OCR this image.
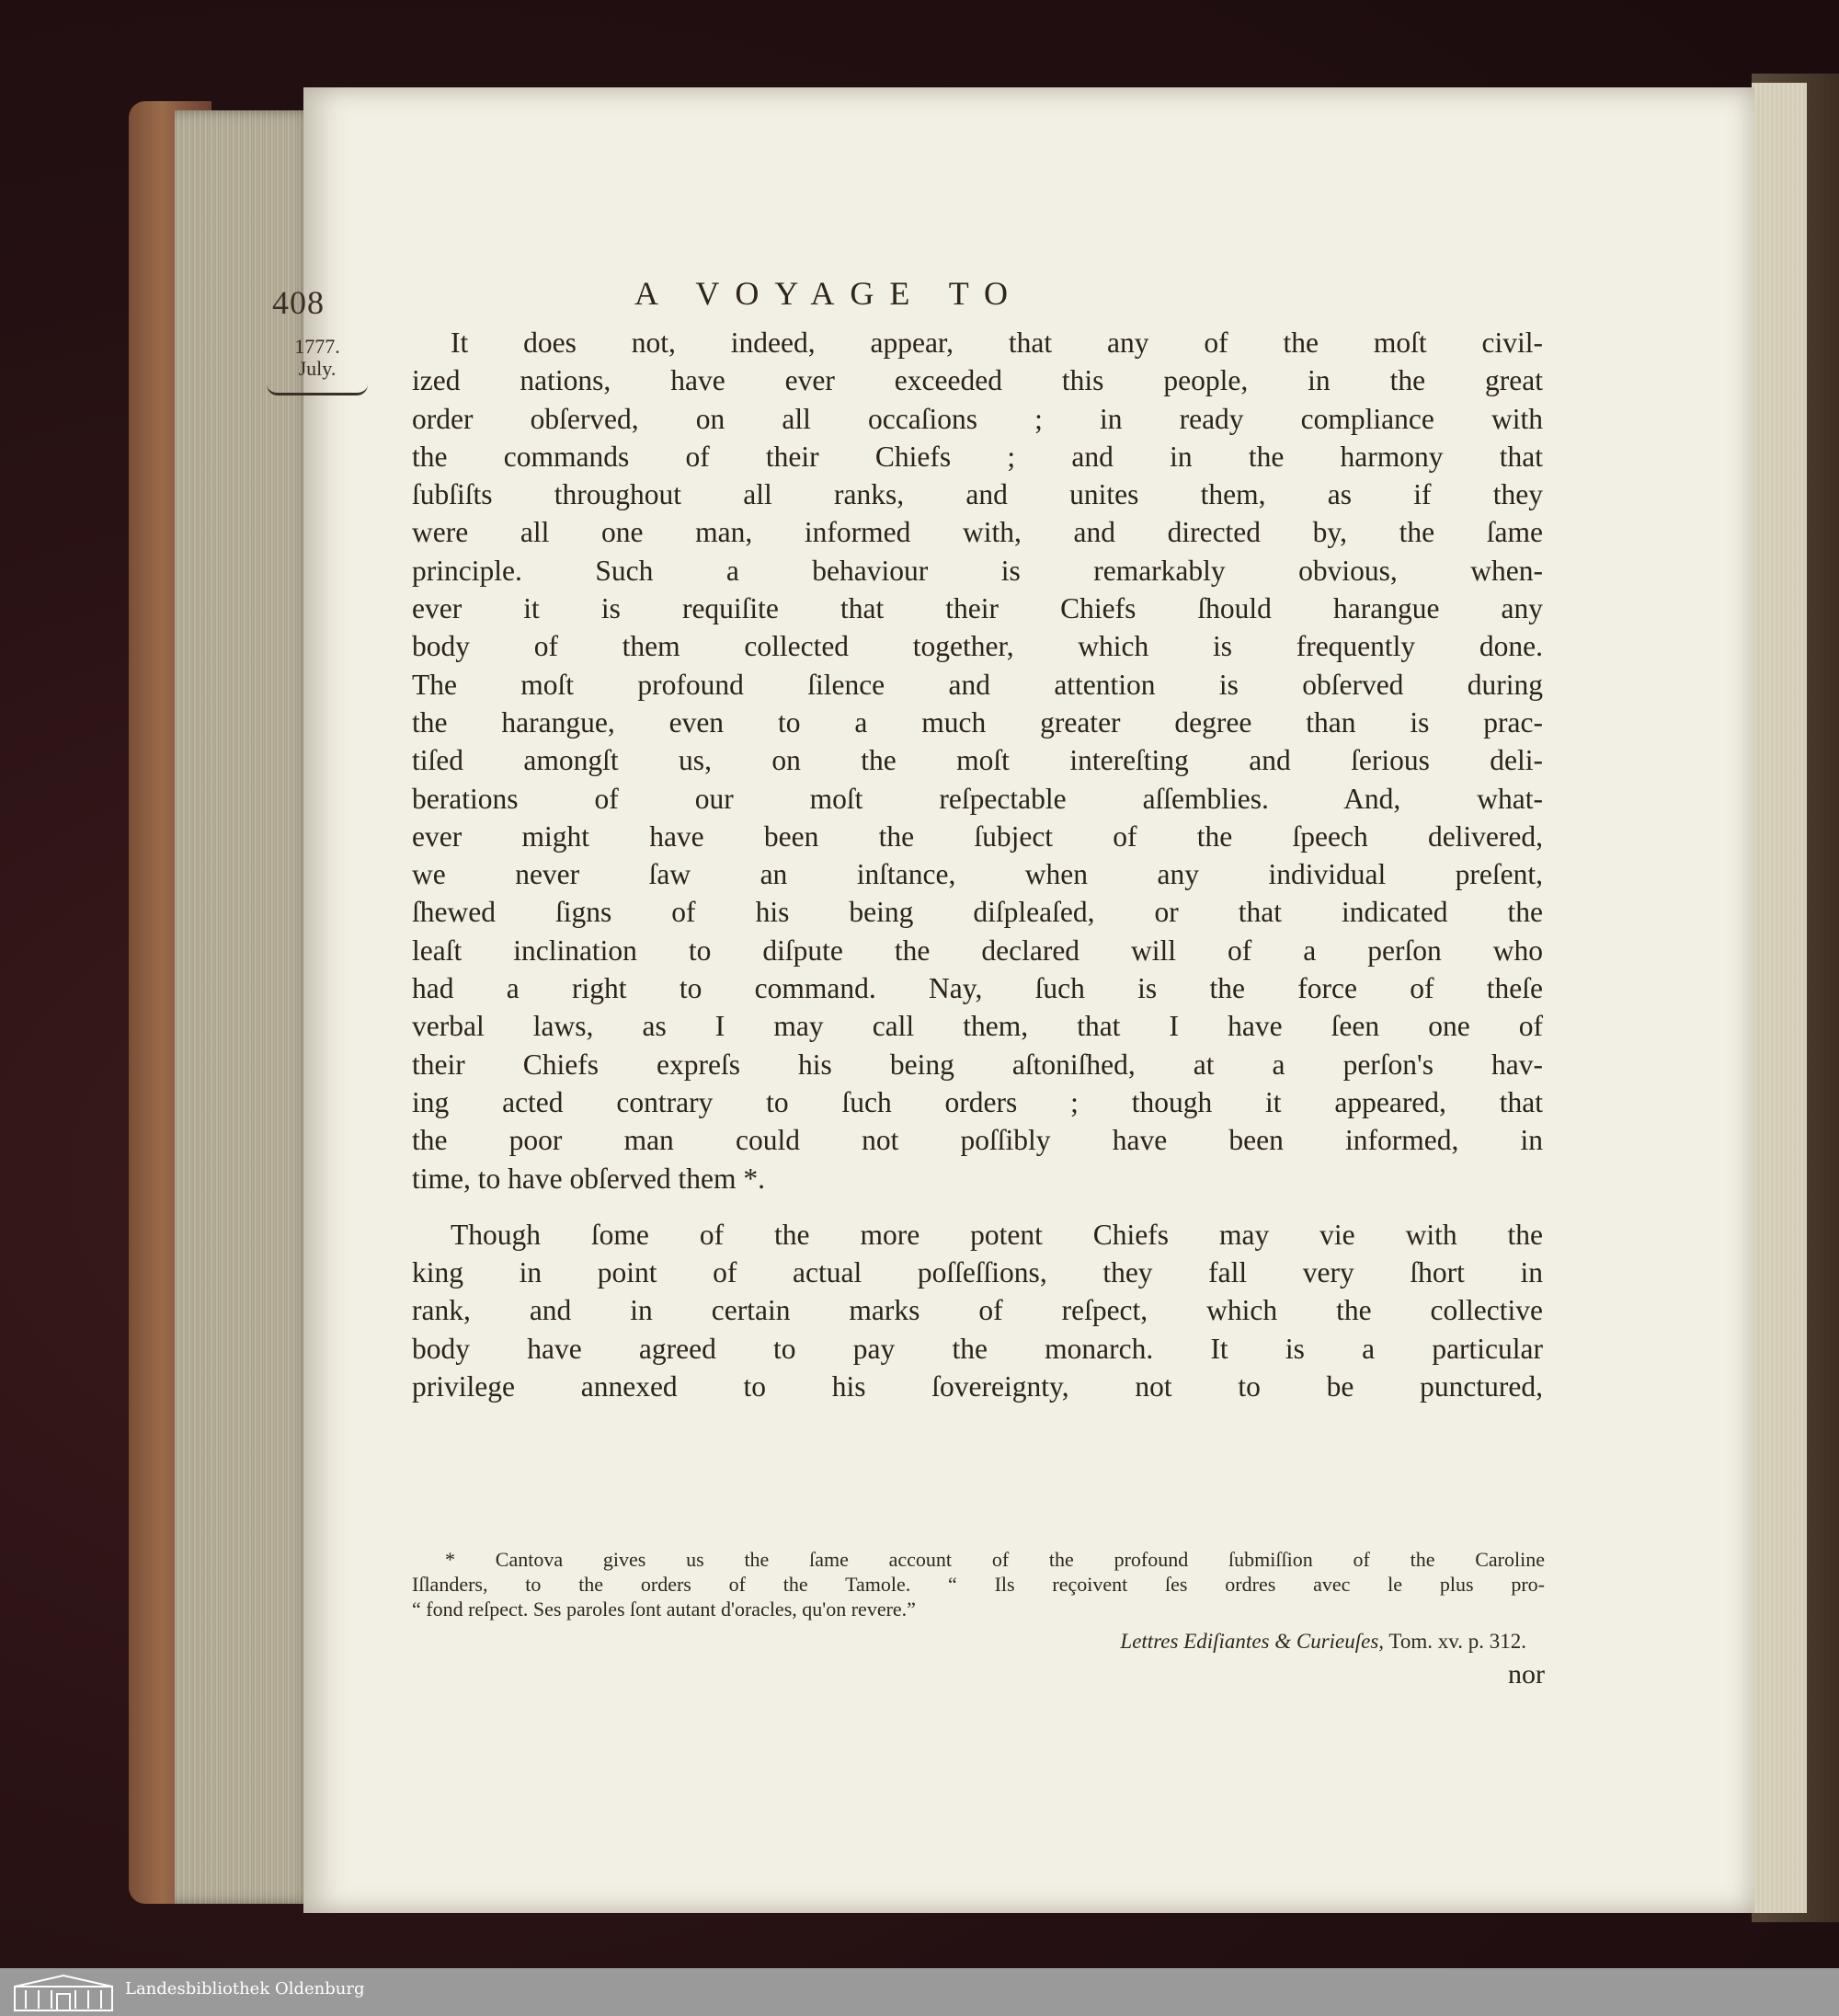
408	A VOYAGE TO
1777.
July.
It does not, indeed, appear, that any of the moſt civil-
ized nations, have ever exceeded this people, in the great
order obſerved, on all occaſions ; in ready compliance with
the commands of their Chiefs ; and in the harmony that
ſubſiſts throughout all ranks, and unites them, as if they
were all one man, informed with, and directed by, the ſame
principle. Such a behaviour is remarkably obvious, when-
ever it is requiſite that their Chiefs ſhould harangue any
body of them collected together, which is frequently done.
The moſt profound ſilence and attention is obſerved during
the harangue, even to a much greater degree than is prac-
tiſed amongſt us, on the moſt intereſting and ſerious deli-
berations of our moſt reſpectable aſſemblies. And, what-
ever might have been the ſubject of the ſpeech delivered,
we never ſaw an inſtance, when any individual preſent,
ſhewed ſigns of his being diſpleaſed, or that indicated the
leaſt inclination to diſpute the declared will of a perſon who
had a right to command. Nay, ſuch is the force of theſe
verbal laws, as I may call them, that I have ſeen one of
their Chiefs expreſs his being aſtoniſhed, at a perſon's hav-
ing acted contrary to ſuch orders ; though it appeared, that
the poor man could not poſſibly have been informed, in
time, to have obſerved them *.
Though ſome of the more potent Chiefs may vie with the
king in point of actual poſſeſſions, they fall very ſhort in
rank, and in certain marks of reſpect, which the collective
body have agreed to pay the monarch. It is a particular
privilege annexed to his ſovereignty, not to be punctured,
* Cantova gives us the ſame account of the profound ſubmiſſion of the Caroline
Iſlanders, to the orders of the Tamole. “ Ils reçoivent ſes ordres avec le plus pro-
“ fond reſpect. Ses paroles ſont autant d'oracles, qu'on revere.”
Lettres Ediſiantes & Curieuſes, Tom. xv. p. 312.
nor
Landesbibliothek Oldenburg
